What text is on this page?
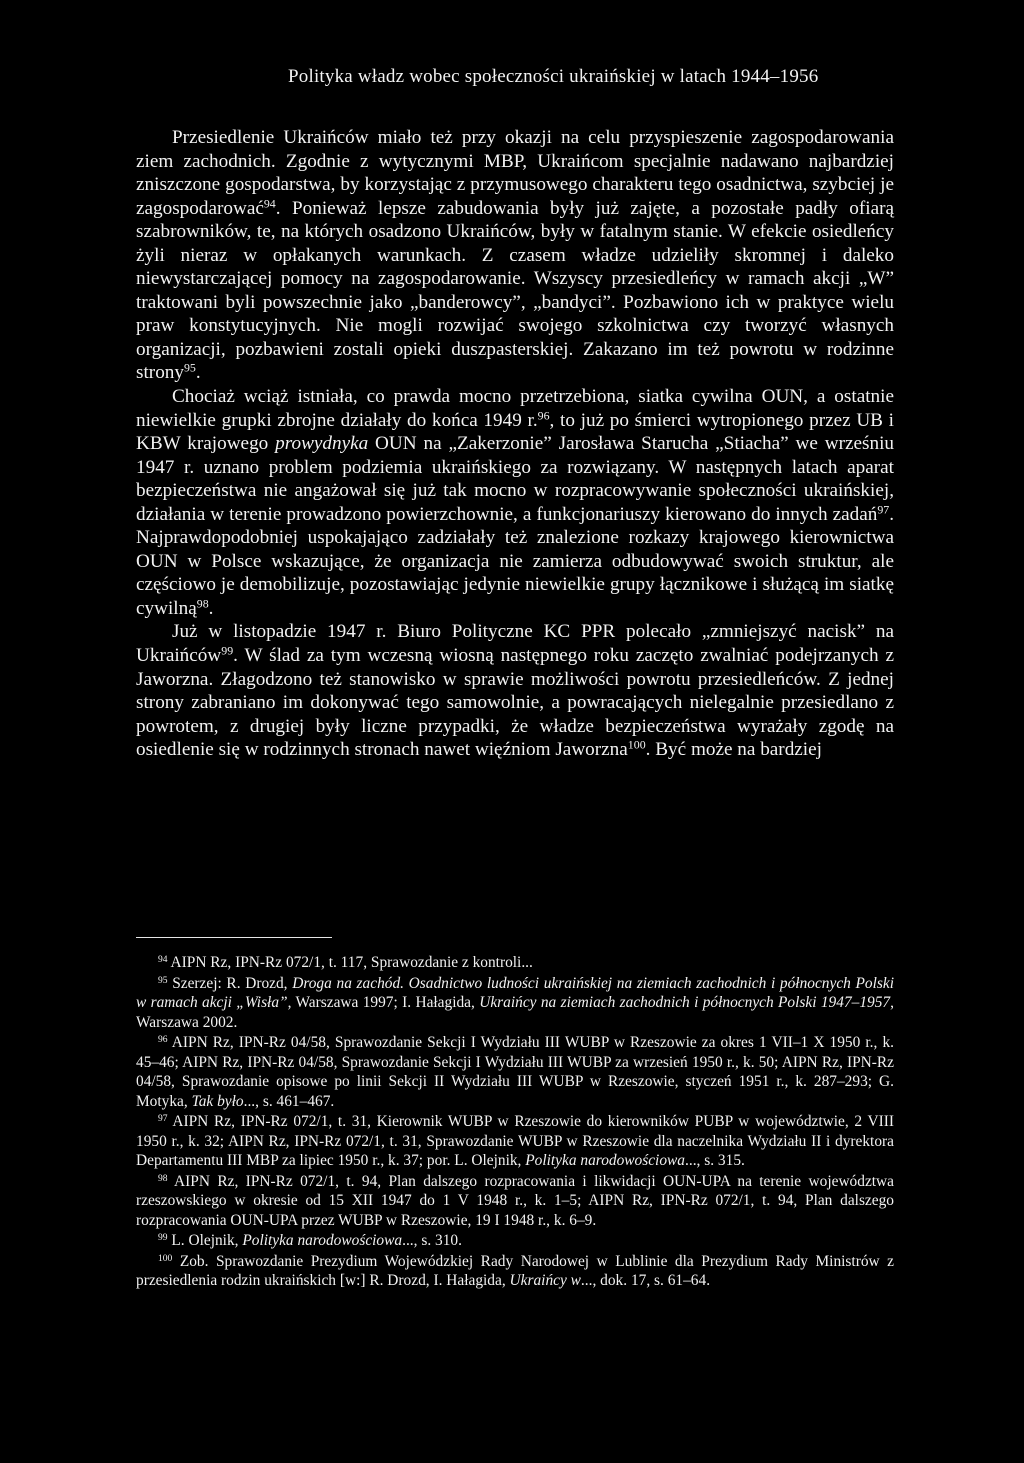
Polityka władz wobec społeczności ukraińskiej w latach 1944–1956

Przesiedlenie Ukraińców miało też przy okazji na celu przyspieszenie zagospodarowania ziem zachodnich. Zgodnie z wytycznymi MBP, Ukraińcom specjalnie nadawano najbardziej zniszczone gospodarstwa, by korzystając z przymusowego charakteru tego osadnictwa, szybciej je zagospodarować$^{94}$. Ponieważ lepsze zabudowania były już zajęte, a pozostałe padły ofiarą szabrowników, te, na których osadzono Ukraińców, były w fatalnym stanie. W efekcie osiedleńcy żyli nieraz w opłakanych warunkach. Z czasem władze udzieliły skromnej i daleko niewystarczającej pomocy na zagospodarowanie. Wszyscy przesiedleńcy w ramach akcji „W” traktowani byli powszechnie jako „banderowcy”, „bandyci”. Pozbawiono ich w praktyce wielu praw konstytucyjnych. Nie mogli rozwijać swojego szkolnictwa czy tworzyć własnych organizacji, pozbawieni zostali opieki duszpasterskiej. Zakazano im też powrotu w rodzinne strony$^{95}$.

Chociaż wciąż istniała, co prawda mocno przetrzebiona, siatka cywilna OUN, a ostatnie niewielkie grupki zbrojne działały do końca 1949 r.$^{96}$, to już po śmierci wytropionego przez UB i KBW krajowego prowydnyka OUN na „Zakerzonie” Jarosława Starucha „Stiacha” we wrześniu 1947 r. uznano problem podziemia ukraińskiego za rozwiązany. W następnych latach aparat bezpieczeństwa nie angażował się już tak mocno w rozpracowywanie społeczności ukraińskiej, działania w terenie prowadzono powierzchownie, a funkcjonariuszy kierowano do innych zadań$^{97}$. Najprawdopodobniej uspokajająco zadziałały też znalezione rozkazy krajowego kierownictwa OUN w Polsce wskazujące, że organizacja nie zamierza odbudowywać swoich struktur, ale częściowo je demobilizuje, pozostawiając jedynie niewielkie grupy łącznikowe i służącą im siatkę cywilną$^{98}$.

Już w listopadzie 1947 r. Biuro Polityczne KC PPR polecało „zmniejszyć nacisk” na Ukraińców$^{99}$. W ślad za tym wczesną wiosną następnego roku zaczęto zwalniać podejrzanych z Jaworzna. Złagodzono też stanowisko w sprawie możliwości powrotu przesiedleńców. Z jednej strony zabraniano im dokonywać tego samowolnie, a powracających nielegalnie przesiedlano z powrotem, z drugiej były liczne przypadki, że władze bezpieczeństwa wyrażały zgodę na osiedlenie się w rodzinnych stronach nawet więźniom Jaworzna$^{100}$. Być może na bardziej

$^{94}$ AIPN Rz, IPN-Rz 072/1, t. 117, Sprawozdanie z kontroli...

$^{95}$ Szerzej: R. Drozd, Droga na zachód. Osadnictwo ludności ukraińskiej na ziemiach zachodnich i północnych Polski w ramach akcji „Wisła”, Warszawa 1997; I. Hałagida, Ukraińcy na ziemiach zachodnich i północnych Polski 1947–1957, Warszawa 2002.

$^{96}$ AIPN Rz, IPN-Rz 04/58, Sprawozdanie Sekcji I Wydziału III WUBP w Rzeszowie za okres 1 VII–1 X 1950 r., k. 45–46; AIPN Rz, IPN-Rz 04/58, Sprawozdanie Sekcji I Wydziału III WUBP za wrzesień 1950 r., k. 50; AIPN Rz, IPN-Rz 04/58, Sprawozdanie opisowe po linii Sekcji II Wydziału III WUBP w Rzeszowie, styczeń 1951 r., k. 287–293; G. Motyka, Tak było..., s. 461–467.

$^{97}$ AIPN Rz, IPN-Rz 072/1, t. 31, Kierownik WUBP w Rzeszowie do kierowników PUBP w województwie, 2 VIII 1950 r., k. 32; AIPN Rz, IPN-Rz 072/1, t. 31, Sprawozdanie WUBP w Rzeszowie dla naczelnika Wydziału II i dyrektora Departamentu III MBP za lipiec 1950 r., k. 37; por. L. Olejnik, Polityka narodowościowa..., s. 315.

$^{98}$ AIPN Rz, IPN-Rz 072/1, t. 94, Plan dalszego rozpracowania i likwidacji OUN-UPA na terenie województwa rzeszowskiego w okresie od 15 XII 1947 do 1 V 1948 r., k. 1–5; AIPN Rz, IPN-Rz 072/1, t. 94, Plan dalszego rozpracowania OUN-UPA przez WUBP w Rzeszowie, 19 I 1948 r., k. 6–9.

$^{99}$ L. Olejnik, Polityka narodowościowa..., s. 310.

$^{100}$ Zob. Sprawozdanie Prezydium Wojewódzkiej Rady Narodowej w Lublinie dla Prezydium Rady Ministrów z przesiedlenia rodzin ukraińskich [w:] R. Drozd, I. Hałagida, Ukraińcy w..., dok. 17, s. 61–64.
